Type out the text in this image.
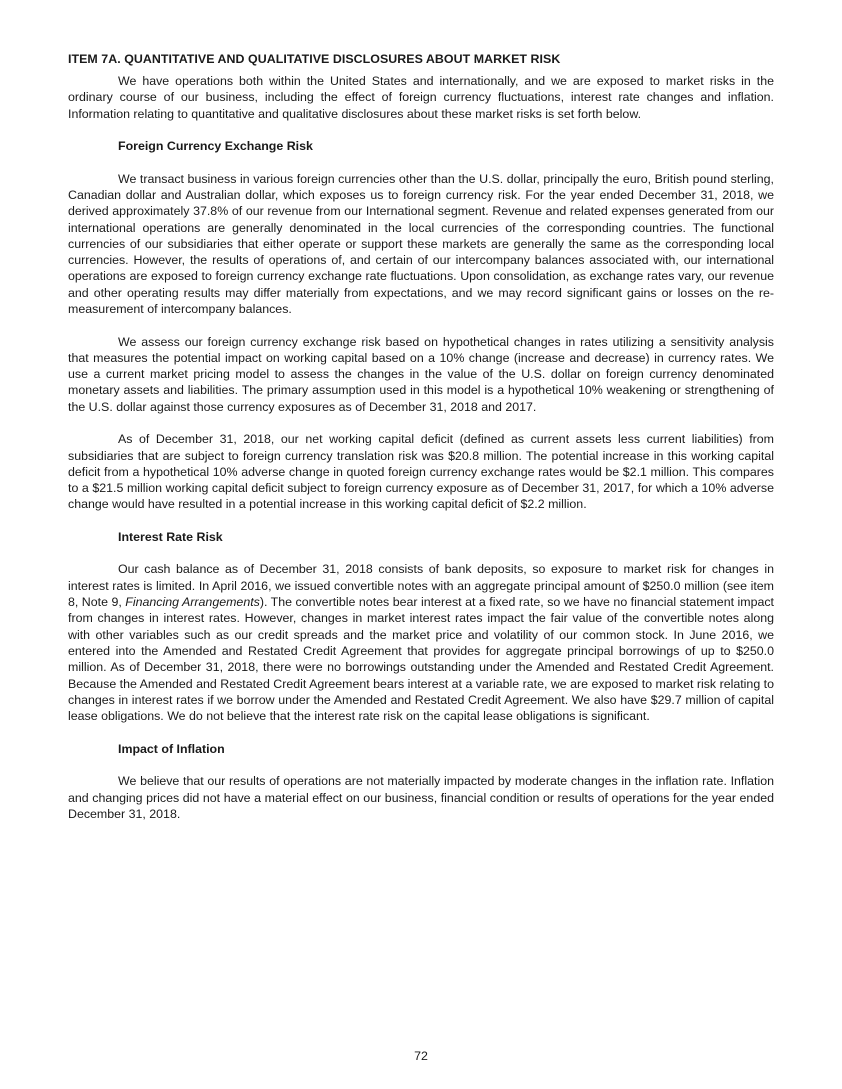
ITEM 7A. QUANTITATIVE AND QUALITATIVE DISCLOSURES ABOUT MARKET RISK

We have operations both within the United States and internationally, and we are exposed to market risks in the ordinary course of our business, including the effect of foreign currency fluctuations, interest rate changes and inflation. Information relating to quantitative and qualitative disclosures about these market risks is set forth below.

Foreign Currency Exchange Risk

We transact business in various foreign currencies other than the U.S. dollar, principally the euro, British pound sterling, Canadian dollar and Australian dollar, which exposes us to foreign currency risk. For the year ended December 31, 2018, we derived approximately 37.8% of our revenue from our International segment. Revenue and related expenses generated from our international operations are generally denominated in the local currencies of the corresponding countries. The functional currencies of our subsidiaries that either operate or support these markets are generally the same as the corresponding local currencies. However, the results of operations of, and certain of our intercompany balances associated with, our international operations are exposed to foreign currency exchange rate fluctuations. Upon consolidation, as exchange rates vary, our revenue and other operating results may differ materially from expectations, and we may record significant gains or losses on the re-measurement of intercompany balances.

We assess our foreign currency exchange risk based on hypothetical changes in rates utilizing a sensitivity analysis that measures the potential impact on working capital based on a 10% change (increase and decrease) in currency rates. We use a current market pricing model to assess the changes in the value of the U.S. dollar on foreign currency denominated monetary assets and liabilities. The primary assumption used in this model is a hypothetical 10% weakening or strengthening of the U.S. dollar against those currency exposures as of December 31, 2018 and 2017.

As of December 31, 2018, our net working capital deficit (defined as current assets less current liabilities) from subsidiaries that are subject to foreign currency translation risk was $20.8 million. The potential increase in this working capital deficit from a hypothetical 10% adverse change in quoted foreign currency exchange rates would be $2.1 million. This compares to a $21.5 million working capital deficit subject to foreign currency exposure as of December 31, 2017, for which a 10% adverse change would have resulted in a potential increase in this working capital deficit of $2.2 million.

Interest Rate Risk

Our cash balance as of December 31, 2018 consists of bank deposits, so exposure to market risk for changes in interest rates is limited. In April 2016, we issued convertible notes with an aggregate principal amount of $250.0 million (see item 8, Note 9, Financing Arrangements). The convertible notes bear interest at a fixed rate, so we have no financial statement impact from changes in interest rates. However, changes in market interest rates impact the fair value of the convertible notes along with other variables such as our credit spreads and the market price and volatility of our common stock. In June 2016, we entered into the Amended and Restated Credit Agreement that provides for aggregate principal borrowings of up to $250.0 million. As of December 31, 2018, there were no borrowings outstanding under the Amended and Restated Credit Agreement. Because the Amended and Restated Credit Agreement bears interest at a variable rate, we are exposed to market risk relating to changes in interest rates if we borrow under the Amended and Restated Credit Agreement. We also have $29.7 million of capital lease obligations. We do not believe that the interest rate risk on the capital lease obligations is significant.

Impact of Inflation

We believe that our results of operations are not materially impacted by moderate changes in the inflation rate. Inflation and changing prices did not have a material effect on our business, financial condition or results of operations for the year ended December 31, 2018.

72
